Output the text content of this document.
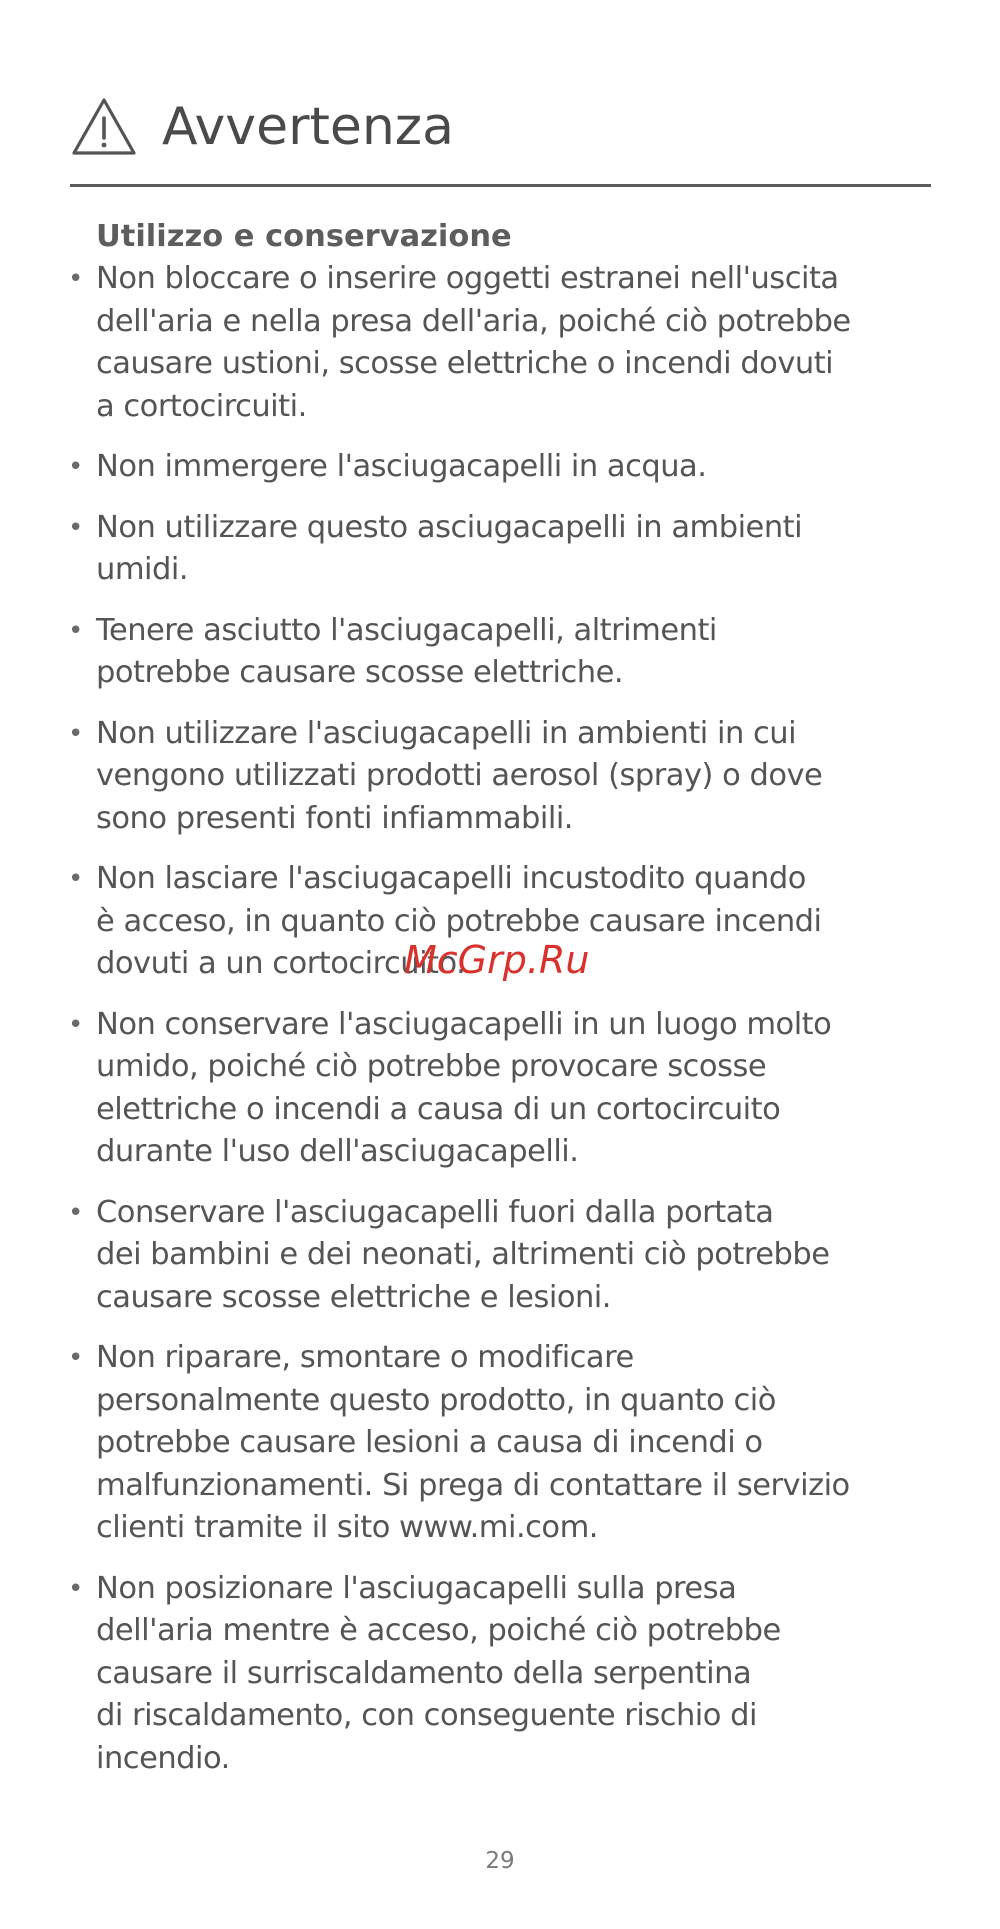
Avvertenza
Utilizzo e conservazione
• Non bloccare o inserire oggetti estranei nell'uscita
dell'aria e nella presa dell'aria, poiché ciò potrebbe
causare ustioni, scosse elettriche o incendi dovuti
a cortocircuiti.
• Non immergere l'asciugacapelli in acqua.
• Non utilizzare questo asciugacapelli in ambienti
umidi.
• Tenere asciutto l'asciugacapelli, altrimenti
potrebbe causare scosse elettriche.
• Non utilizzare l'asciugacapelli in ambienti in cui
vengono utilizzati prodotti aerosol (spray) o dove
sono presenti fonti infiammabili.
• Non lasciare l'asciugacapelli incustodito quando
è acceso, in quanto ciò potrebbe causare incendi
dovuti a un cortocircuito.
• Non conservare l'asciugacapelli in un luogo molto
umido, poiché ciò potrebbe provocare scosse
elettriche o incendi a causa di un cortocircuito
durante l'uso dell'asciugacapelli.
• Conservare l'asciugacapelli fuori dalla portata
dei bambini e dei neonati, altrimenti ciò potrebbe
causare scosse elettriche e lesioni.
• Non riparare, smontare o modificare
personalmente questo prodotto, in quanto ciò
potrebbe causare lesioni a causa di incendi o
malfunzionamenti. Si prega di contattare il servizio
clienti tramite il sito www.mi.com.
• Non posizionare l'asciugacapelli sulla presa
dell'aria mentre è acceso, poiché ciò potrebbe
causare il surriscaldamento della serpentina
di riscaldamento, con conseguente rischio di
incendio.
McGrp.Ru
29
